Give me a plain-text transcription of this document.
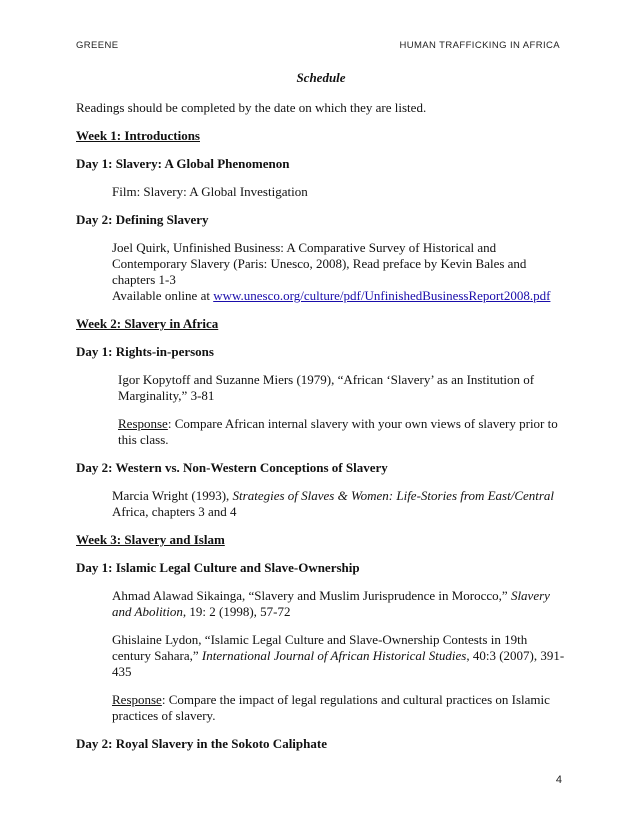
GREENE	HUMAN TRAFFICKING IN AFRICA
Schedule

Readings should be completed by the date on which they are listed.

Week 1: Introductions

Day 1: Slavery: A Global Phenomenon

Film: Slavery: A Global Investigation

Day 2: Defining Slavery

Joel Quirk, Unfinished Business: A Comparative Survey of Historical and Contemporary Slavery (Paris: Unesco, 2008), Read preface by Kevin Bales and chapters 1-3
Available online at www.unesco.org/culture/pdf/UnfinishedBusinessReport2008.pdf

Week 2: Slavery in Africa

Day 1: Rights-in-persons

Igor Kopytoff and Suzanne Miers (1979), “African ‘Slavery’ as an Institution of Marginality,” 3-81

Response: Compare African internal slavery with your own views of slavery prior to this class.

Day 2: Western vs. Non-Western Conceptions of Slavery

Marcia Wright (1993), Strategies of Slaves & Women: Life-Stories from East/Central Africa, chapters 3 and 4

Week 3: Slavery and Islam

Day 1: Islamic Legal Culture and Slave-Ownership

Ahmad Alawad Sikainga, “Slavery and Muslim Jurisprudence in Morocco,” Slavery and Abolition, 19: 2 (1998), 57-72

Ghislaine Lydon, “Islamic Legal Culture and Slave-Ownership Contests in 19th century Sahara,” International Journal of African Historical Studies, 40:3 (2007), 391-435

Response: Compare the impact of legal regulations and cultural practices on Islamic practices of slavery.

Day 2: Royal Slavery in the Sokoto Caliphate

4
